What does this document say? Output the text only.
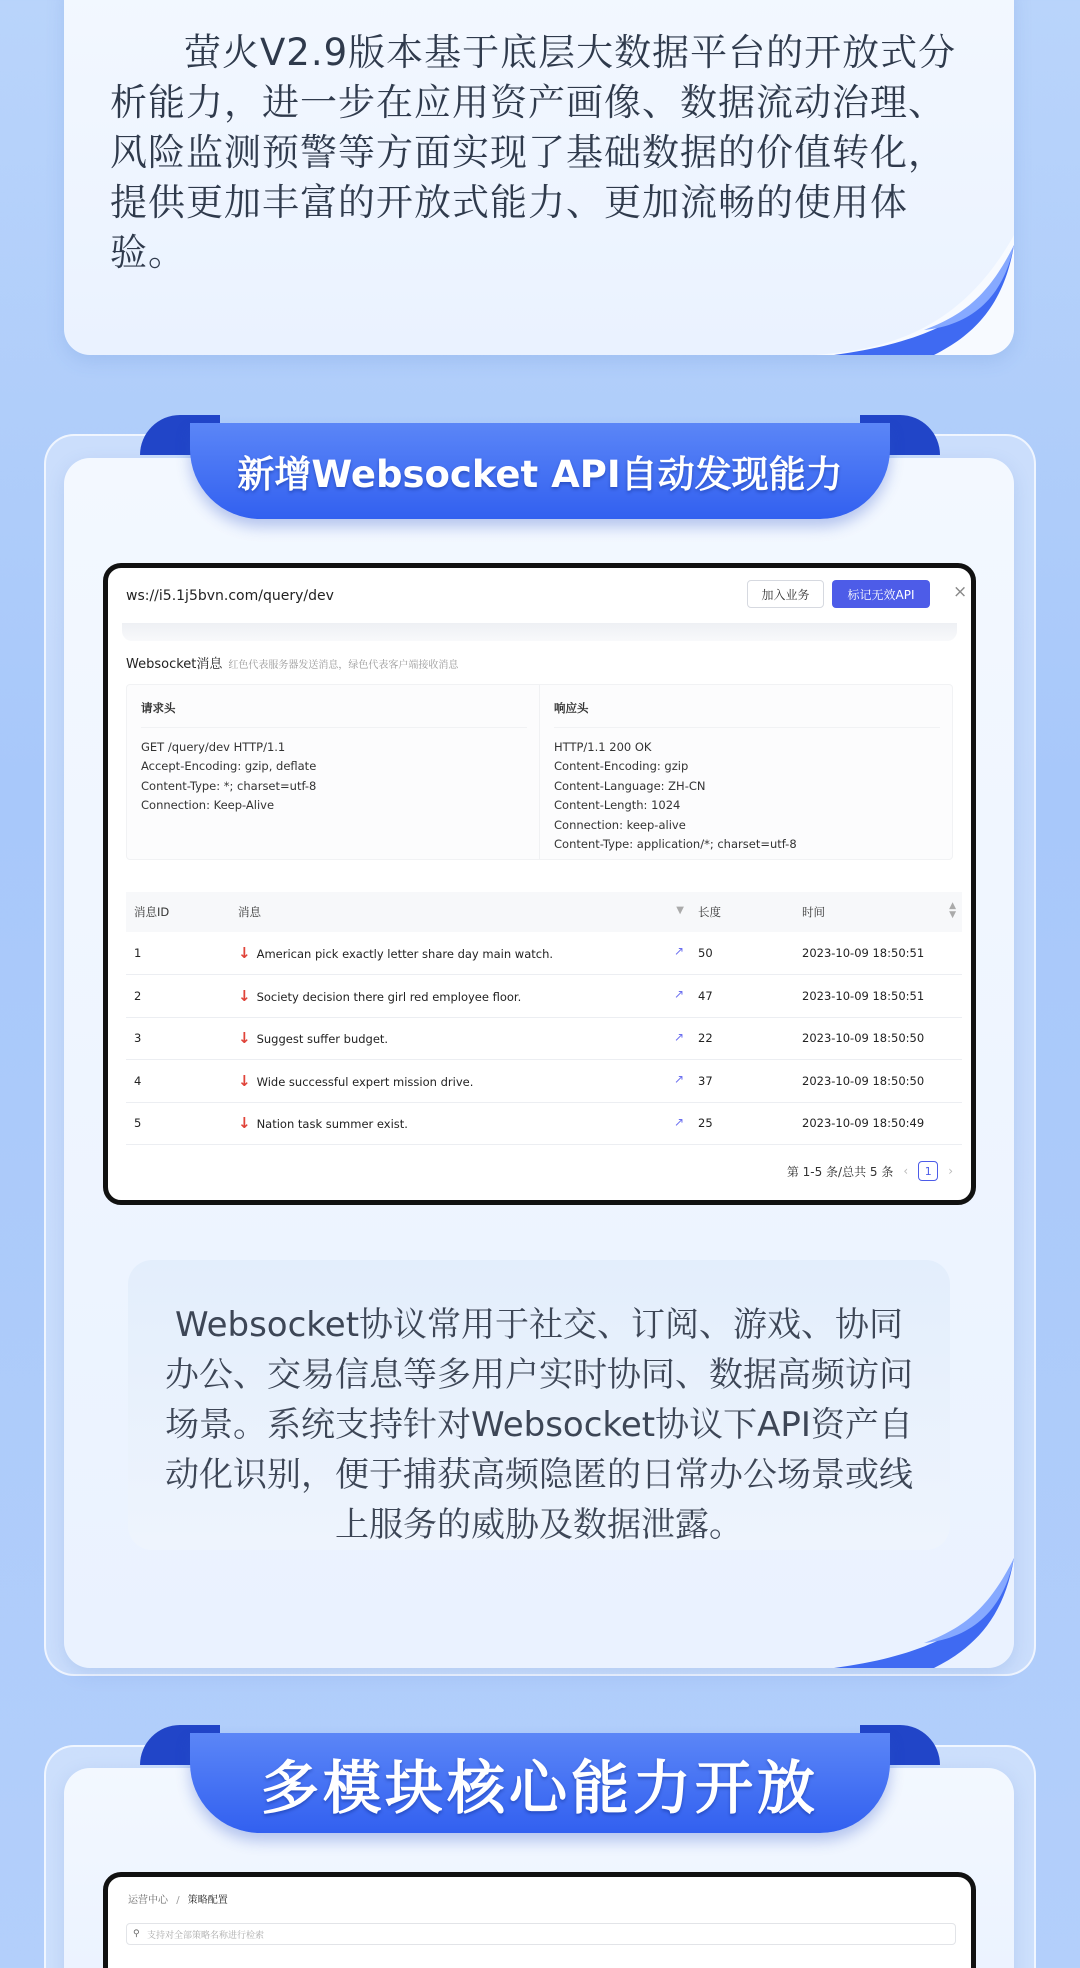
萤火V2.9版本基于底层大数据平台的开放式分析能力，进一步在应用资产画像、数据流动治理、风险监测预警等方面实现了基础数据的价值转化，提供更加丰富的开放式能力、更加流畅的使用体验。
新增Websocket API自动发现能力
ws://i5.1j5bvn.com/query/dev	加入业务	标记无效API	×
Websocket消息 红色代表服务器发送消息，绿色代表客户端接收消息
请求头
GET /query/dev HTTP/1.1
Accept-Encoding: gzip, deflate
Content-Type: *; charset=utf-8
Connection: Keep-Alive
响应头
HTTP/1.1 200 OK
Content-Encoding: gzip
Content-Language: ZH-CN
Content-Length: 1024
Connection: keep-alive
Content-Type: application/*; charset=utf-8
消息ID	消息 ▼	长度	时间 ▲
▼

1	↓ American pick exactly letter share day main watch. ↗	50	2023-10-09 18:50:51
2	↓ Society decision there girl red employee floor. ↗	47	2023-10-09 18:50:51
3	↓ Suggest suffer budget. ↗	22	2023-10-09 18:50:50
4	↓ Wide successful expert mission drive. ↗	37	2023-10-09 18:50:50
5	↓ Nation task summer exist. ↗	25	2023-10-09 18:50:49
第 1-5 条/总共 5 条 ‹	1	›
Websocket协议常用于社交、订阅、游戏、协同办公、交易信息等多用户实时协同、数据高频访问场景。系统支持针对Websocket协议下API资产自动化识别，便于捕获高频隐匿的日常办公场景或线上服务的威胁及数据泄露。
多模块核心能力开放
运营中心 / 策略配置
⚲ 支持对全部策略名称进行检索
